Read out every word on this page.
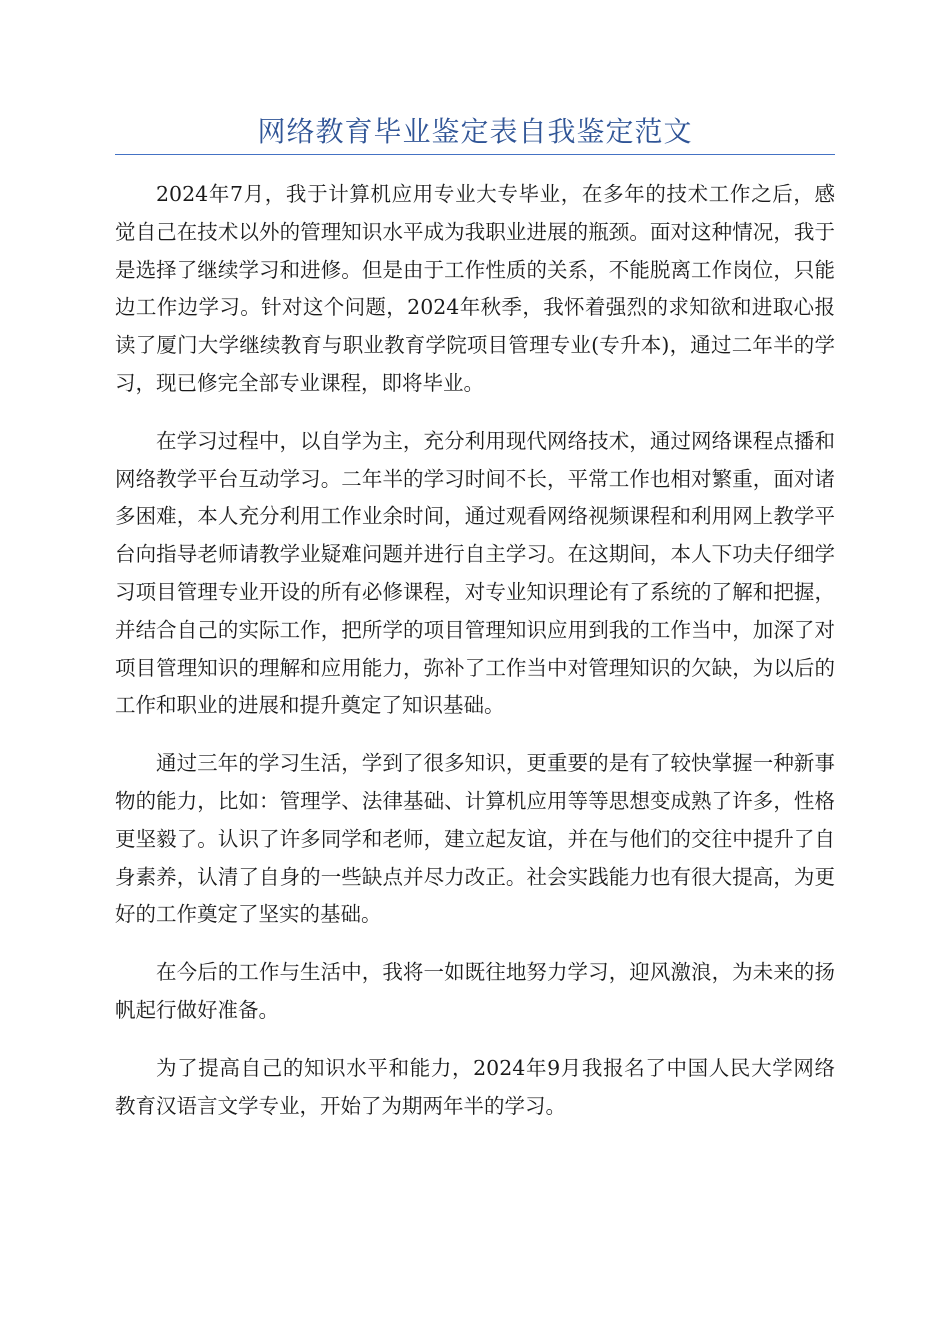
网络教育毕业鉴定表自我鉴定范文

2024年7月，我于计算机应用专业大专毕业，在多年的技术工作之后，感觉自己在技术以外的管理知识水平成为我职业进展的瓶颈。面对这种情况，我于是选择了继续学习和进修。但是由于工作性质的关系，不能脱离工作岗位，只能边工作边学习。针对这个问题，2024年秋季，我怀着强烈的求知欲和进取心报读了厦门大学继续教育与职业教育学院项目管理专业(专升本)，通过二年半的学习，现已修完全部专业课程，即将毕业。

在学习过程中，以自学为主，充分利用现代网络技术，通过网络课程点播和网络教学平台互动学习。二年半的学习时间不长，平常工作也相对繁重，面对诸多困难，本人充分利用工作业余时间，通过观看网络视频课程和利用网上教学平台向指导老师请教学业疑难问题并进行自主学习。在这期间，本人下功夫仔细学习项目管理专业开设的所有必修课程，对专业知识理论有了系统的了解和把握，并结合自己的实际工作，把所学的项目管理知识应用到我的工作当中，加深了对项目管理知识的理解和应用能力，弥补了工作当中对管理知识的欠缺，为以后的工作和职业的进展和提升奠定了知识基础。

通过三年的学习生活，学到了很多知识，更重要的是有了较快掌握一种新事物的能力，比如：管理学、法律基础、计算机应用等等思想变成熟了许多，性格更坚毅了。认识了许多同学和老师，建立起友谊，并在与他们的交往中提升了自身素养，认清了自身的一些缺点并尽力改正。社会实践能力也有很大提高，为更好的工作奠定了坚实的基础。

在今后的工作与生活中，我将一如既往地努力学习，迎风激浪，为未来的扬帆起行做好准备。

为了提高自己的知识水平和能力，2024年9月我报名了中国人民大学网络教育汉语言文学专业，开始了为期两年半的学习。
